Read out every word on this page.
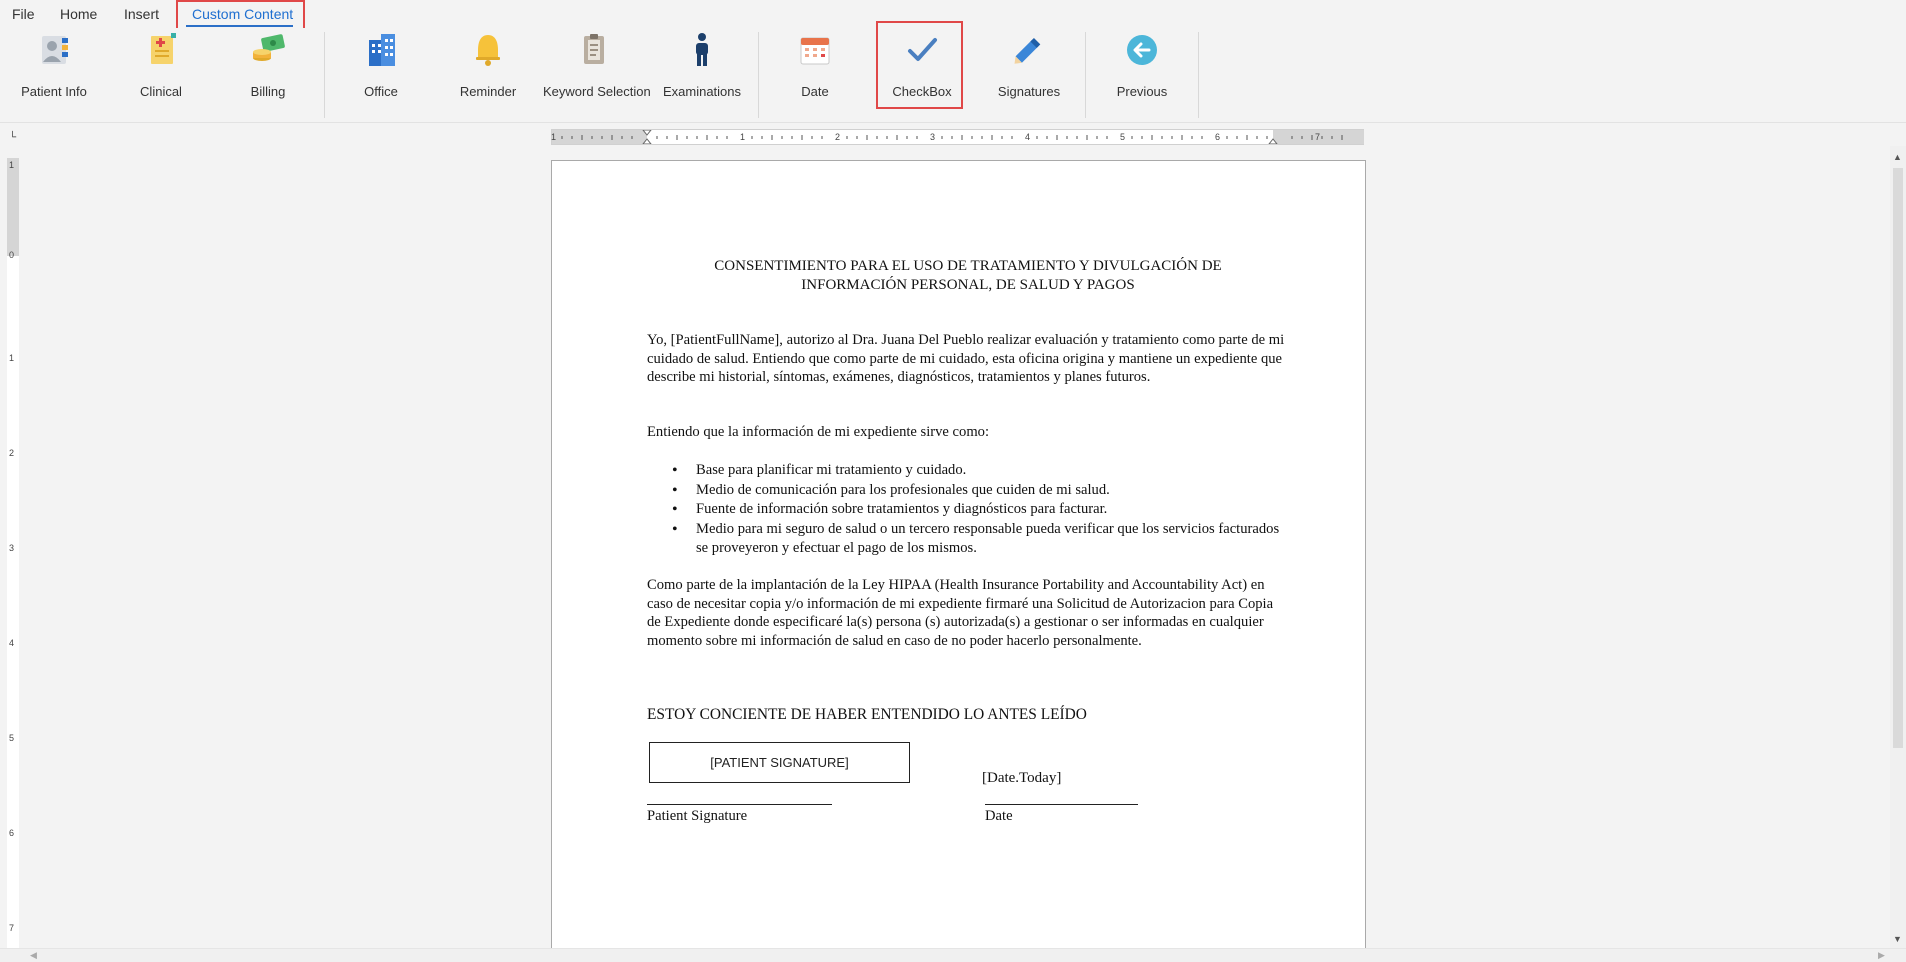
File Home Insert Custom Content
Patient Info	Clinical	Billing	Office	Reminder	Keyword Selection Examinations	Date	CheckBox	Signatures	Previous
└	1	1	2	3	4	5	6	7
1
0
1
2
3
4
5
6
7
CONSENTIMIENTO PARA EL USO DE TRATAMIENTO Y DIVULGACIÓN DE
INFORMACIÓN PERSONAL, DE SALUD Y PAGOS

Yo, [PatientFullName], autorizo al Dra. Juana Del Pueblo realizar evaluación y tratamiento como parte de mi cuidado de salud. Entiendo que como parte de mi cuidado, esta oficina origina y mantiene un expediente que describe mi historial, síntomas, exámenes, diagnósticos, tratamientos y planes futuros.

Entiendo que la información de mi expediente sirve como:

• Base para planificar mi tratamiento y cuidado.
• Medio de comunicación para los profesionales que cuiden de mi salud.
• Fuente de información sobre tratamientos y diagnósticos para facturar.
• Medio para mi seguro de salud o un tercero responsable pueda verificar que los servicios facturados se proveyeron y efectuar el pago de los mismos.

Como parte de la implantación de la Ley HIPAA (Health Insurance Portability and Accountability Act) en caso de necesitar copia y/o información de mi expediente firmaré una Solicitud de Autorizacion para Copia de Expediente donde especificaré la(s) persona (s) autorizada(s) a gestionar o ser informadas en cualquier momento sobre mi información de salud en caso de no poder hacerlo personalmente.

ESTOY CONCIENTE DE HABER ENTENDIDO LO ANTES LEÍDO

[PATIENT SIGNATURE]
[Date.Today]
Patient Signature	Date
▲
▼
◀	▶
